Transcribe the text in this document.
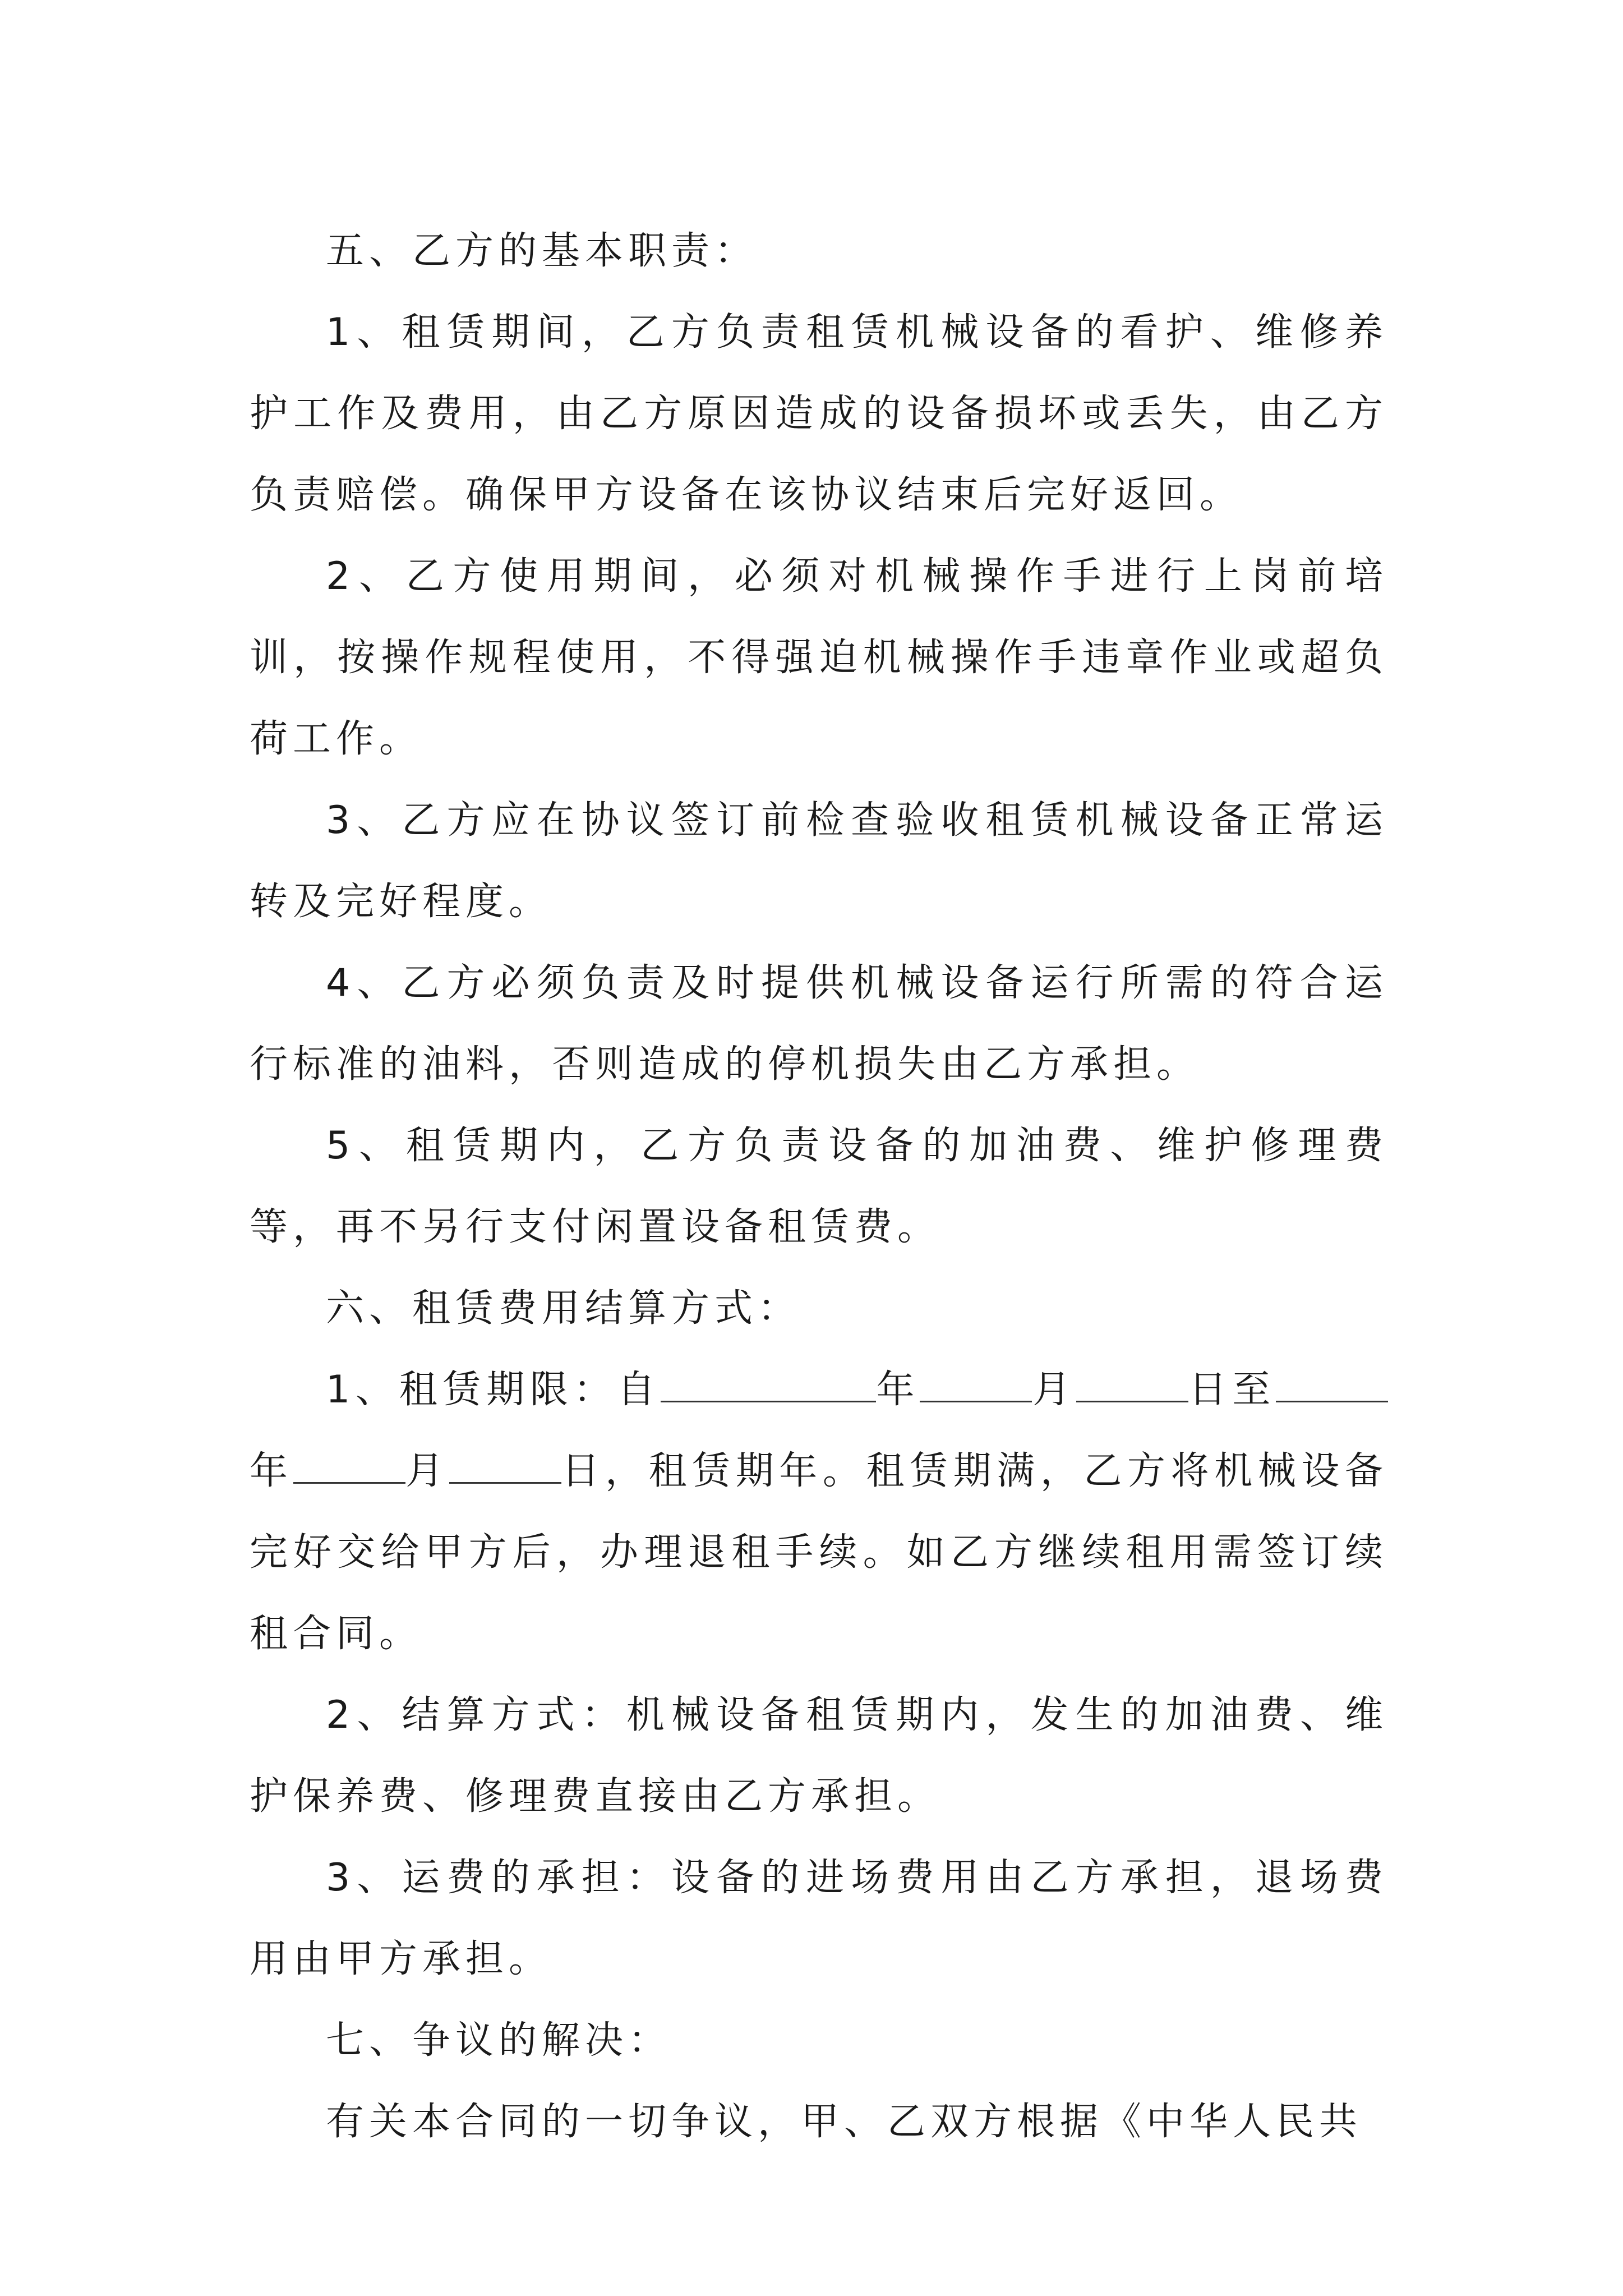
五、乙方的基本职责：

1、租赁期间，乙方负责租赁机械设备的看护、维修养护工作及费用，由乙方原因造成的设备损坏或丢失，由乙方负责赔偿。确保甲方设备在该协议结束后完好返回。

2、乙方使用期间，必须对机械操作手进行上岗前培训，按操作规程使用，不得强迫机械操作手违章作业或超负荷工作。

3、乙方应在协议签订前检查验收租赁机械设备正常运转及完好程度。

4、乙方必须负责及时提供机械设备运行所需的符合运行标准的油料，否则造成的停机损失由乙方承担。

5、租赁期内，乙方负责设备的加油费、维护修理费等，再不另行支付闲置设备租赁费。

六、租赁费用结算方式：

1、租赁期限：自	年	月	日至年	月	日，租赁期年。租赁期满，乙方将机械设备完好交给甲方后，办理退租手续。如乙方继续租用需签订续租合同。

2、结算方式：机械设备租赁期内，发生的加油费、维护保养费、修理费直接由乙方承担。

3、运费的承担：设备的进场费用由乙方承担，退场费用由甲方承担。

七、争议的解决：

有关本合同的一切争议，甲、乙双方根据《中华人民共
